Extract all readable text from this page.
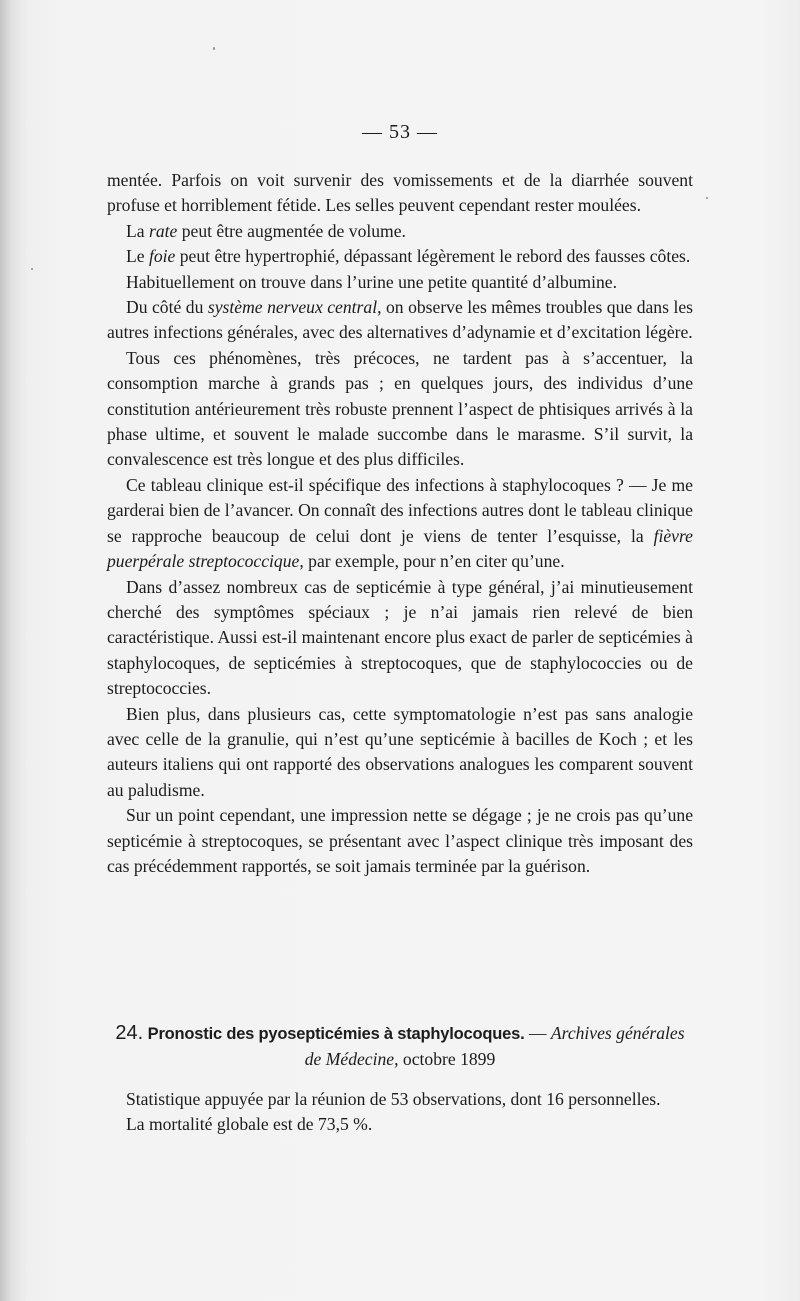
— 53 —

mentée. Parfois on voit survenir des vomissements et de la diarrhée souvent profuse et horriblement fétide. Les selles peuvent cependant rester moulées.

La rate peut être augmentée de volume.

Le foie peut être hypertrophié, dépassant légèrement le rebord des fausses côtes.

Habituellement on trouve dans l’urine une petite quantité d’albumine.

Du côté du système nerveux central, on observe les mêmes troubles que dans les autres infections générales, avec des alternatives d’adynamie et d’excitation légère.

Tous ces phénomènes, très précoces, ne tardent pas à s’accentuer, la consomption marche à grands pas ; en quelques jours, des individus d’une constitution antérieurement très robuste prennent l’aspect de phtisiques arrivés à la phase ultime, et souvent le malade succombe dans le marasme. S’il survit, la convalescence est très longue et des plus difficiles.

Ce tableau clinique est-il spécifique des infections à staphylocoques ? — Je me garderai bien de l’avancer. On connaît des infections autres dont le tableau clinique se rapproche beaucoup de celui dont je viens de tenter l’esquisse, la fièvre puerpérale streptococcique, par exemple, pour n’en citer qu’une.

Dans d’assez nombreux cas de septicémie à type général, j’ai minutieusement cherché des symptômes spéciaux ; je n’ai jamais rien relevé de bien caractéristique. Aussi est-il maintenant encore plus exact de parler de septicémies à staphylocoques, de septicémies à streptocoques, que de staphylococcies ou de streptococcies.

Bien plus, dans plusieurs cas, cette symptomatologie n’est pas sans analogie avec celle de la granulie, qui n’est qu’une septicémie à bacilles de Koch ; et les auteurs italiens qui ont rapporté des observations analogues les comparent souvent au paludisme.

Sur un point cependant, une impression nette se dégage ; je ne crois pas qu’une septicémie à streptocoques, se présentant avec l’aspect clinique très imposant des cas précédemment rapportés, se soit jamais terminée par la guérison.

24. Pronostic des pyosepticémies à staphylocoques. — Archives générales de Médecine, octobre 1899

Statistique appuyée par la réunion de 53 observations, dont 16 personnelles.

La mortalité globale est de 73,5 %.
